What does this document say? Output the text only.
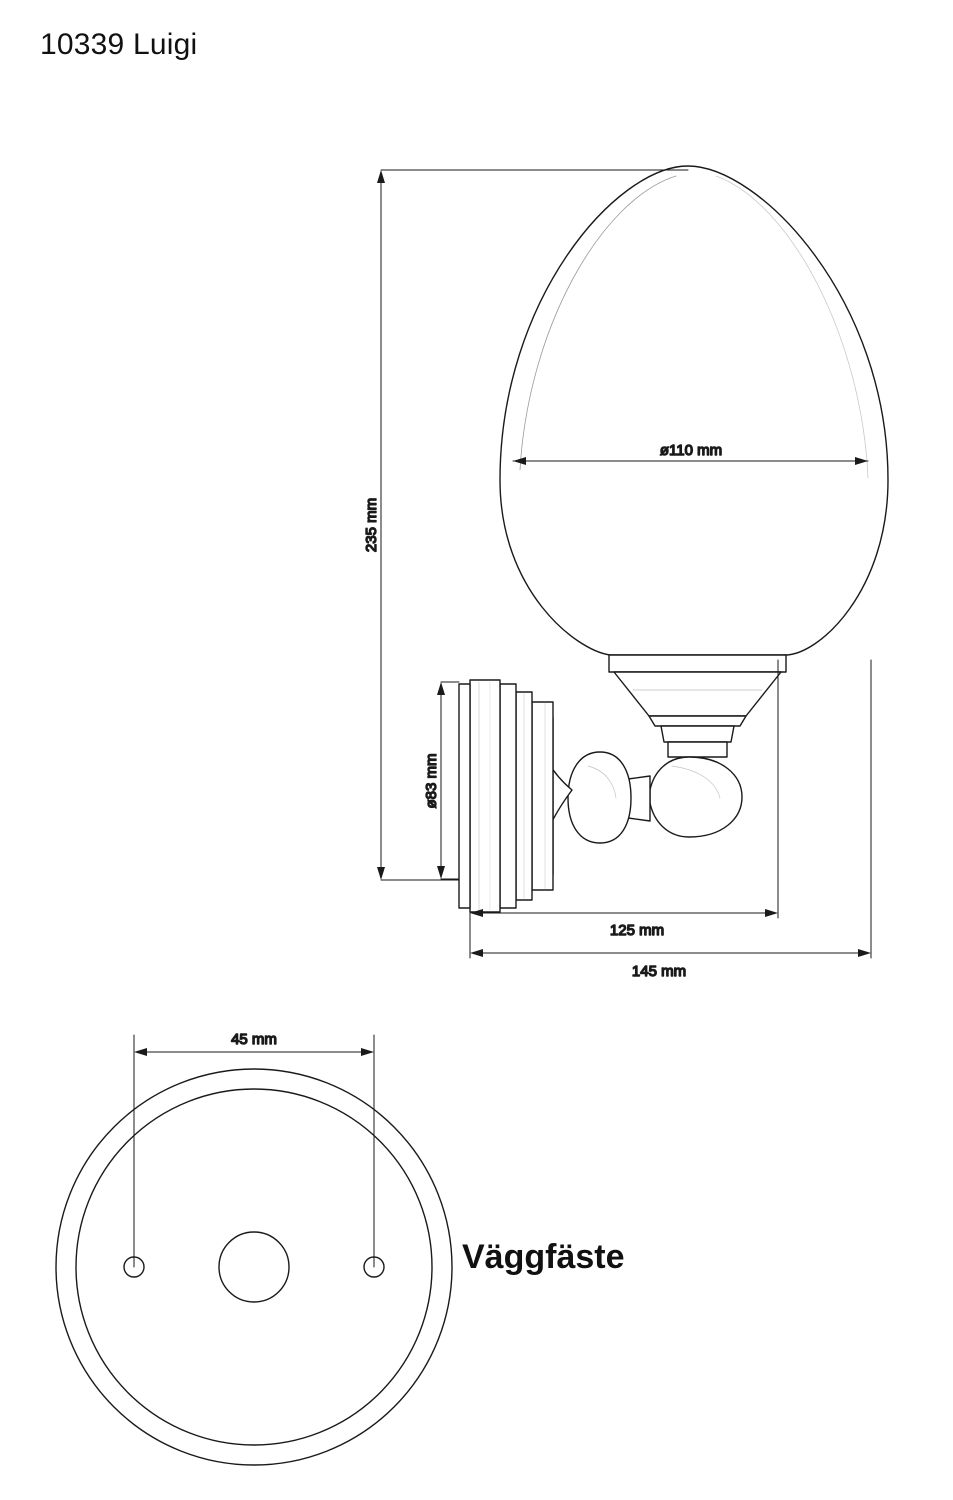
10339 Luigi
235 mm
ø110 mm
ø83 mm
125 mm
145 mm
45 mm
Väggfäste
